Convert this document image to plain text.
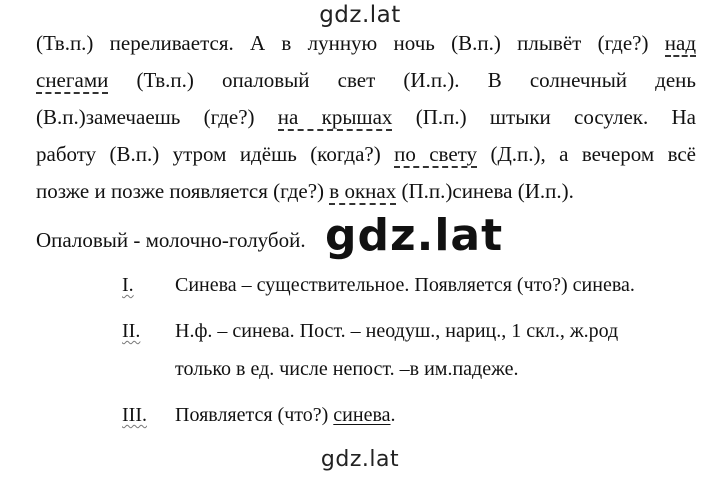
gdz.lat
(Тв.п.) переливается. А в лунную ночь (В.п.) плывёт (где?) над
снегами (Тв.п.) опаловый свет (И.п.). В солнечный день
(В.п.)замечаешь (где?) на крышах (П.п.) штыки сосулек. На
работу (В.п.) утром идёшь (когда?) по свету (Д.п.), а вечером всё
позже и позже появляется (где?) в окнах (П.п.)синева (И.п.).
Опаловый - молочно-голубой. gdz.lat
I. Синева – существительное. Появляется (что?) синева.
II. Н.ф. – синева. Пост. – неодуш., нариц., 1 скл., ж.род
только в ед. числе непост. –в им.падеже.
III. Появляется (что?) синева.
gdz.lat
